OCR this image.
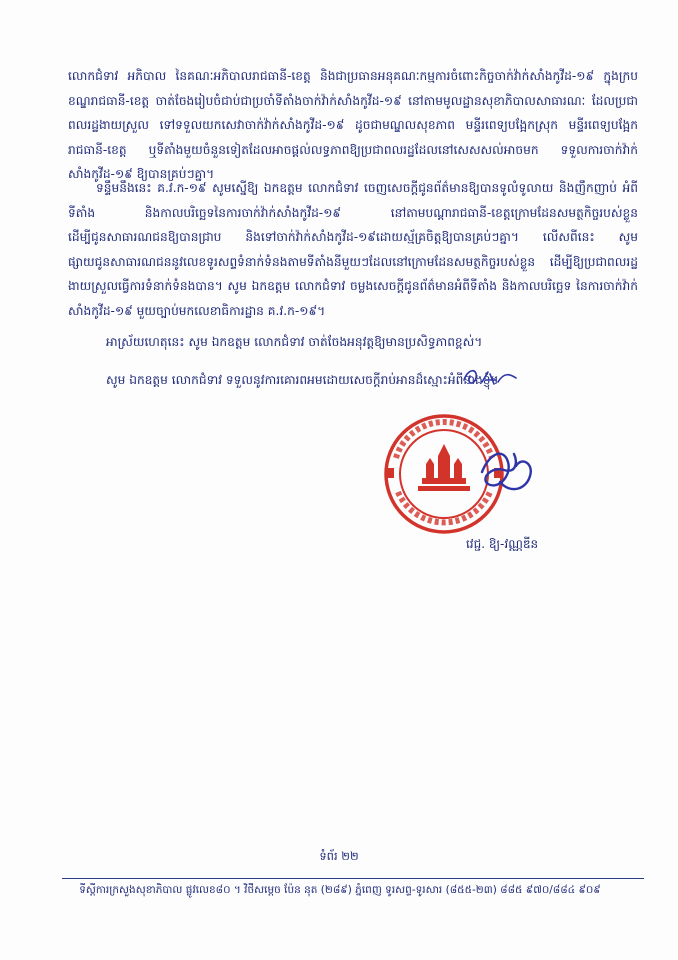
លោកជំទាវ អភិបាល នៃគណៈអភិបាលរាជធានី-ខេត្ត និងជាប្រធានអនុគណៈកម្មការចំពោះកិច្ចចាក់វ៉ាក់សាំងកូវីដ-១៩ ក្នុងក្របខណ្ឌរាជធានី-ខេត្ត ចាត់ចែងរៀបចំជាប់ជាប្រចាំទីតាំងចាក់វ៉ាក់សាំងកូវីដ-១៩ នៅតាមមូលដ្ឋានសុខាភិបាលសាធារណៈ ដែលប្រជាពលរដ្ឋងាយស្រួល ទៅទទួលយកសេវាចាក់វ៉ាក់សាំងកូវីដ-១៩ ដូចជាមណ្ឌលសុខភាព មន្ទីរពេទ្យបង្អែកស្រុក មន្ទីរពេទ្យបង្អែករាជធានី-ខេត្ត ឬទីតាំងមួយចំនួនទៀតដែលអាចផ្តល់លទ្ធភាពឱ្យប្រជាពលរដ្ឋដែលនៅសេសសល់អាចមក ទទួលការចាក់វ៉ាក់សាំងកូវីដ-១៩ ឱ្យបានគ្រប់ៗគ្នា។

ទន្ទឹមនឹងនេះ គ.វ.ក-១៩ សូមស្នើឱ្យ ឯកឧត្តម លោកជំទាវ ចេញសេចក្តីជូនព័ត៌មានឱ្យបានទូលំទូលាយ និងញឹកញាប់ អំពីទីតាំង និងកាលបរិច្ឆេទនៃការចាក់វ៉ាក់សាំងកូវីដ-១៩ នៅតាមបណ្តារាជធានី-ខេត្តក្រោមដែនសមត្ថកិច្ចរបស់ខ្លួន ដើម្បីជូនសាធារណជនឱ្យបានជ្រាប និងទៅចាក់វ៉ាក់សាំងកូវីដ-១៩ដោយស្ម័គ្រចិត្តឱ្យបានគ្រប់ៗគ្នា។ លើសពីនេះ សូមផ្សាយជូនសាធារណជននូវលេខទូរសព្ទទំនាក់ទំនងតាមទីតាំងនីមួយៗដែលនៅក្រោមដែនសមត្ថកិច្ចរបស់ខ្លួន ដើម្បីឱ្យប្រជាពលរដ្ឋងាយស្រួលធ្វើការទំនាក់ទំនងបាន។ សូម ឯកឧត្តម លោកជំទាវ ចម្លងសេចក្តីជូនព័ត៌មានអំពីទីតាំង និងកាលបរិច្ឆេទ នៃការចាក់វ៉ាក់សាំងកូវីដ-១៩ មួយច្បាប់មកលេខាធិការដ្ឋាន គ.វ.ក-១៩។

អាស្រ័យហេតុនេះ សូម ឯកឧត្តម លោកជំទាវ ចាត់ចែងអនុវត្តឱ្យមានប្រសិទ្ធភាពខ្ពស់។

សូម ឯកឧត្តម លោកជំទាវ ទទួលនូវការគោរពអមដោយសេចក្តីរាប់អានដ៏ស្មោះអំពីនាងខ្ញុំ។

វេជ្ជ. ឱ្យ-វណ្ណឌីន
ទំព័រ ២២
ទីស្តីការក្រសួងសុខាភិបាល ផ្លូវលេខ៨០ ។ វិថីសម្តេច ប៉ែន នុត (២៨៩) ភ្នំពេញ ទូរសព្ទ-ទូរសារ (៨៥៥-២៣) ៨៨៥ ៩៧០/៨៨៤ ៩០៩
